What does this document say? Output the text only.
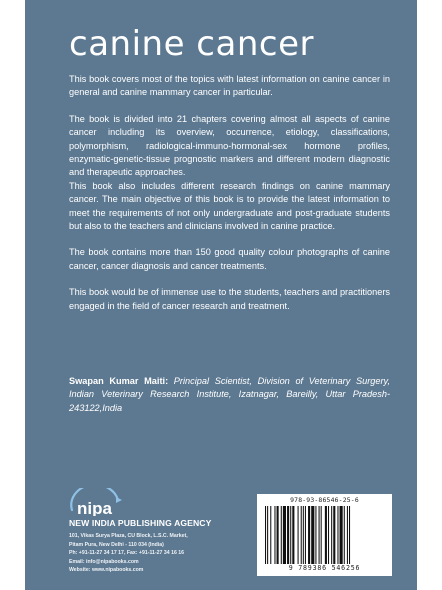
canine cancer

This book covers most of the topics with latest information on canine cancer in general and canine mammary cancer in particular.

The book is divided into 21 chapters covering almost all aspects of canine cancer including its overview, occurrence, etiology, classifications, polymorphism, radiological-immuno-hormonal-sex hormone profiles, enzymatic-genetic-tissue prognostic markers and different modern diagnostic and therapeutic approaches.

This book also includes different research findings on canine mammary cancer. The main objective of this book is to provide the latest information to meet the requirements of not only undergraduate and post-graduate students but also to the teachers and clinicians involved in canine practice.

The book contains more than 150 good quality colour photographs of canine cancer, cancer diagnosis and cancer treatments.

This book would be of immense use to the students, teachers and practitioners engaged in the field of cancer research and treatment.

Swapan Kumar Maiti: Principal Scientist, Division of Veterinary Surgery, Indian Veterinary Research Institute, Izatnagar, Bareilly, Uttar Pradesh-243122,India

nipa
NEW INDIA PUBLISHING AGENCY
101, Vikas Surya Plaza, CU Block, L.S.C. Market,
Pitam Pura, New Delhi - 110 034 (India)
Ph: +91-11-27 34 17 17, Fax: +91-11-27 34 16 16
Email: info@nipabooks.com
Website: www.nipabooks.com
978-93-86546-25-6
9 789386 546256
